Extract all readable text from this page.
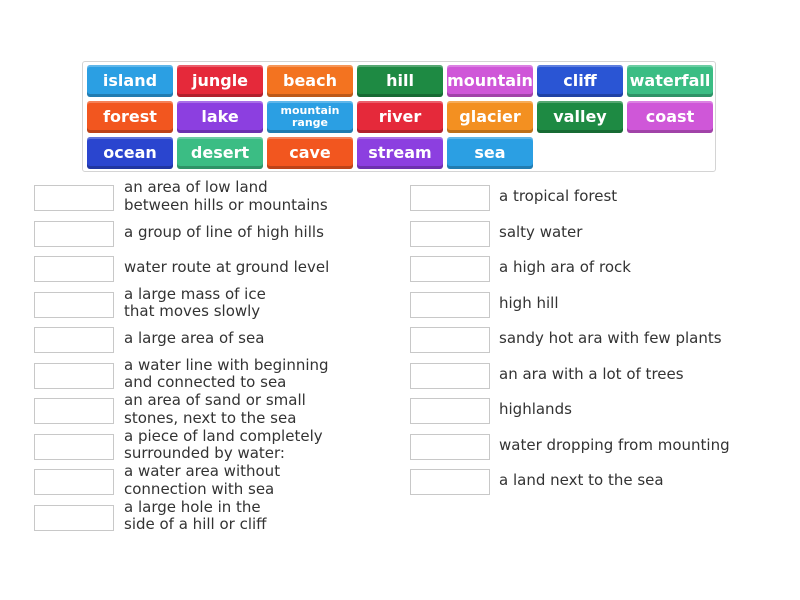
island	jungle	beach	hill	mountain	cliff	waterfall
forest	lake	mountain
range	river	glacier	valley	coast
ocean	desert	cave	stream	sea
an area of low land
between hills or mountains
a group of line of high hills
water route at ground level
a large mass of ice
that moves slowly
a large area of sea
a water line with beginning
and connected to sea
an area of sand or small
stones, next to the sea
a piece of land completely
surrounded by water:
a water area without
connection with sea
a large hole in the
side of a hill or cliff
a tropical forest
salty water
a high ara of rock
high hill
sandy hot ara with few plants
an ara with a lot of trees
highlands
water dropping from mounting
a land next to the sea
